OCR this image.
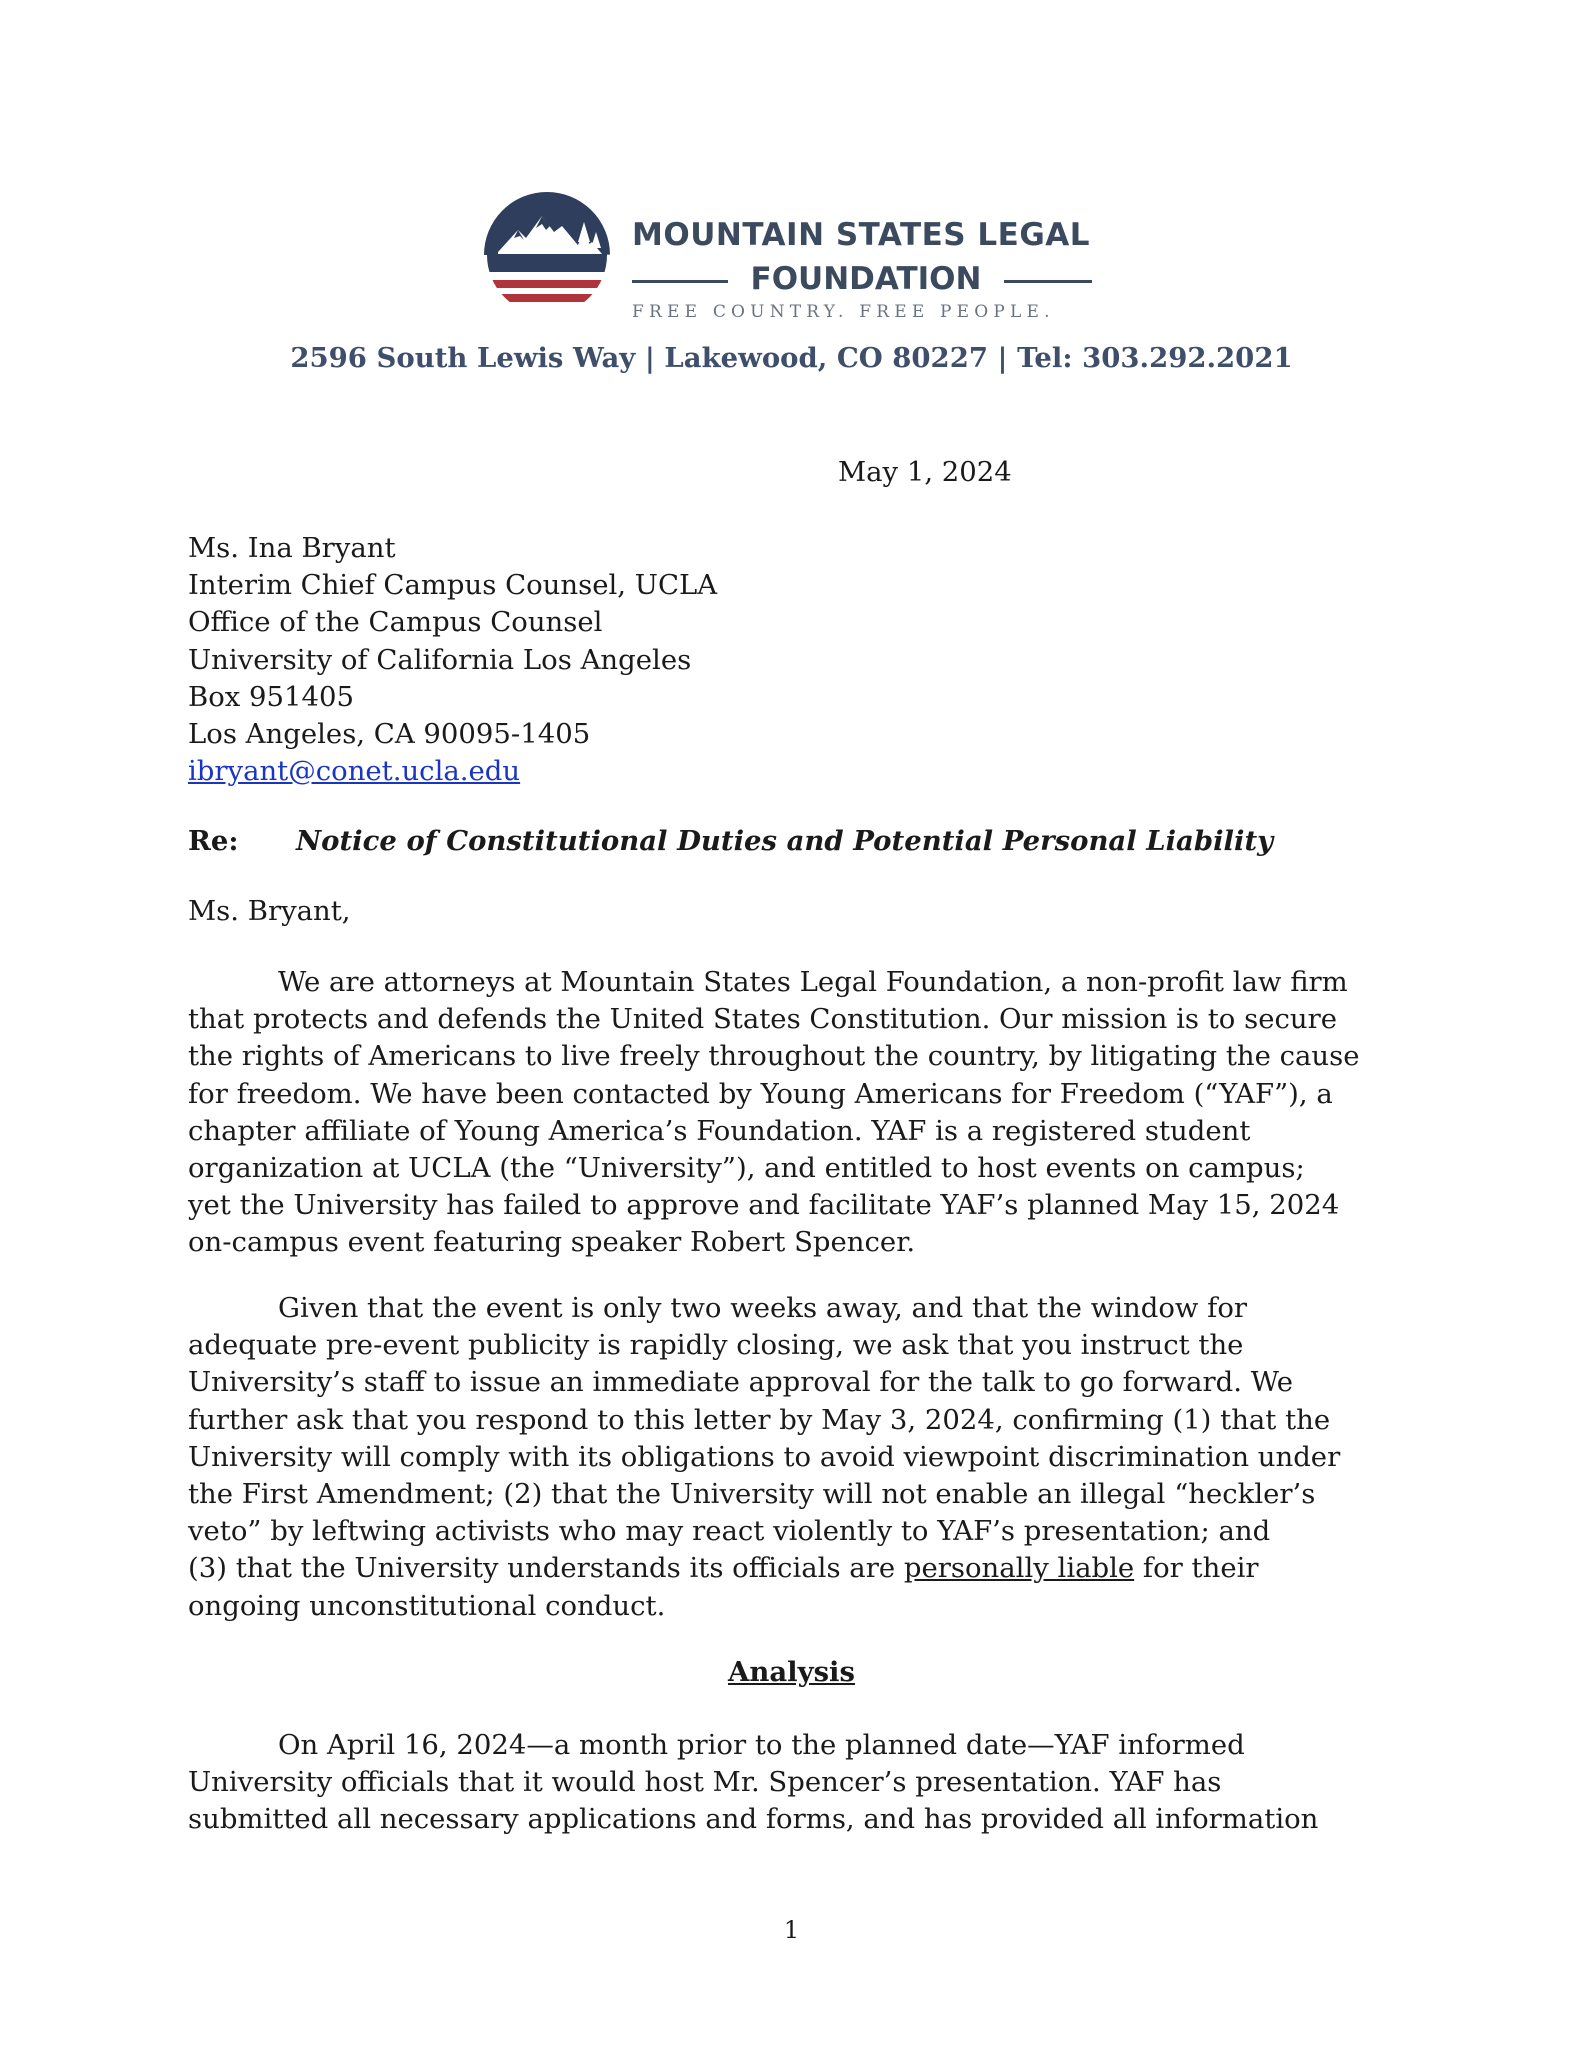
MOUNTAIN STATES LEGAL
FOUNDATION
FREE COUNTRY. FREE PEOPLE.
2596 South Lewis Way | Lakewood, CO 80227 | Tel: 303.292.2021
May 1, 2024
Ms. Ina Bryant
Interim Chief Campus Counsel, UCLA
Office of the Campus Counsel
University of California Los Angeles
Box 951405
Los Angeles, CA 90095-1405
ibryant@conet.ucla.edu
Re: Notice of Constitutional Duties and Potential Personal Liability
Ms. Bryant,
We are attorneys at Mountain States Legal Foundation, a non-profit law firm
that protects and defends the United States Constitution. Our mission is to secure
the rights of Americans to live freely throughout the country, by litigating the cause
for freedom. We have been contacted by Young Americans for Freedom (“YAF”), a
chapter affiliate of Young America’s Foundation. YAF is a registered student
organization at UCLA (the “University”), and entitled to host events on campus;
yet the University has failed to approve and facilitate YAF’s planned May 15, 2024
on-campus event featuring speaker Robert Spencer.
Given that the event is only two weeks away, and that the window for
adequate pre-event publicity is rapidly closing, we ask that you instruct the
University’s staff to issue an immediate approval for the talk to go forward. We
further ask that you respond to this letter by May 3, 2024, confirming (1) that the
University will comply with its obligations to avoid viewpoint discrimination under
the First Amendment; (2) that the University will not enable an illegal “heckler’s
veto” by leftwing activists who may react violently to YAF’s presentation; and
(3) that the University understands its officials are personally liable for their
ongoing unconstitutional conduct.
Analysis
On April 16, 2024—a month prior to the planned date—YAF informed
University officials that it would host Mr. Spencer’s presentation. YAF has
submitted all necessary applications and forms, and has provided all information
1
